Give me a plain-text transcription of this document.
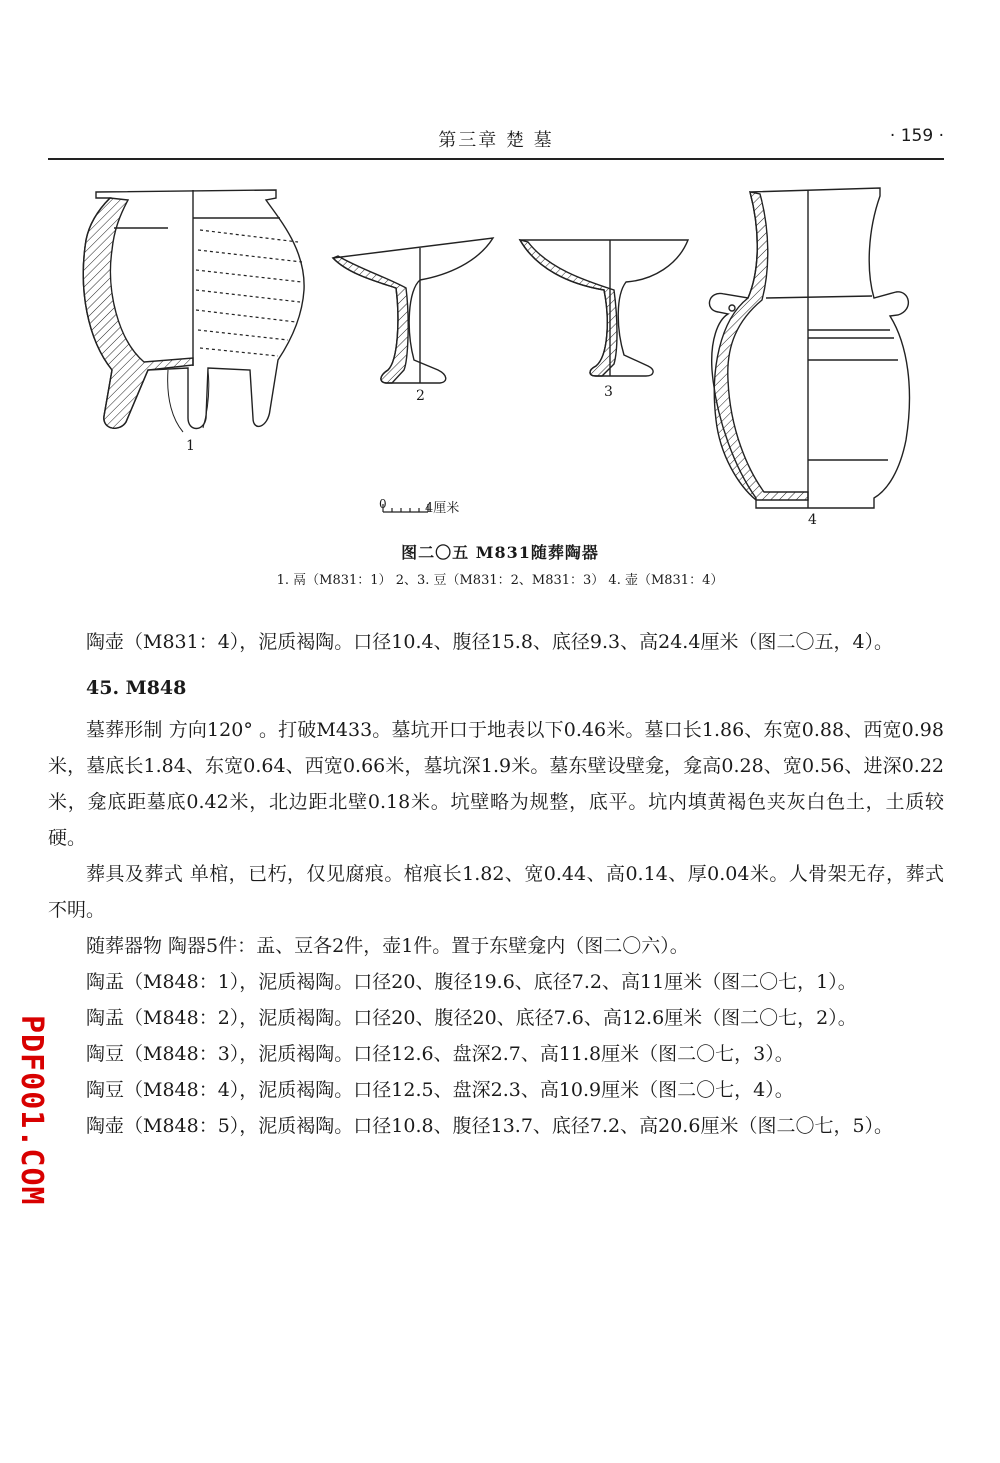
第三章 楚 墓	· 159 ·
1
2	3
4
0	4厘米
图二〇五 M831随葬陶器
1. 鬲（M831：1） 2、3. 豆（M831：2、M831：3） 4. 壶（M831：4）

陶壶（M831：4），泥质褐陶。口径10.4、腹径15.8、底径9.3、高24.4厘米（图二〇五，4）。

45. M848

墓葬形制 方向120° 。打破M433。墓坑开口于地表以下0.46米。墓口长1.86、东宽0.88、西宽0.98米，墓底长1.84、东宽0.64、西宽0.66米，墓坑深1.9米。墓东壁设壁龛，龛高0.28、宽0.56、进深0.22米，龛底距墓底0.42米，北边距北壁0.18米。坑壁略为规整，底平。坑内填黄褐色夹灰白色土，土质较硬。

葬具及葬式 单棺，已朽，仅见腐痕。棺痕长1.82、宽0.44、高0.14、厚0.04米。人骨架无存，葬式不明。

随葬器物 陶器5件：盂、豆各2件，壶1件。置于东壁龛内（图二〇六）。

陶盂（M848：1），泥质褐陶。口径20、腹径19.6、底径7.2、高11厘米（图二〇七，1）。

陶盂（M848：2），泥质褐陶。口径20、腹径20、底径7.6、高12.6厘米（图二〇七，2）。

陶豆（M848：3），泥质褐陶。口径12.6、盘深2.7、高11.8厘米（图二〇七，3）。

陶豆（M848：4），泥质褐陶。口径12.5、盘深2.3、高10.9厘米（图二〇七，4）。

陶壶（M848：5），泥质褐陶。口径10.8、腹径13.7、底径7.2、高20.6厘米（图二〇七，5）。

PDF001.COM
